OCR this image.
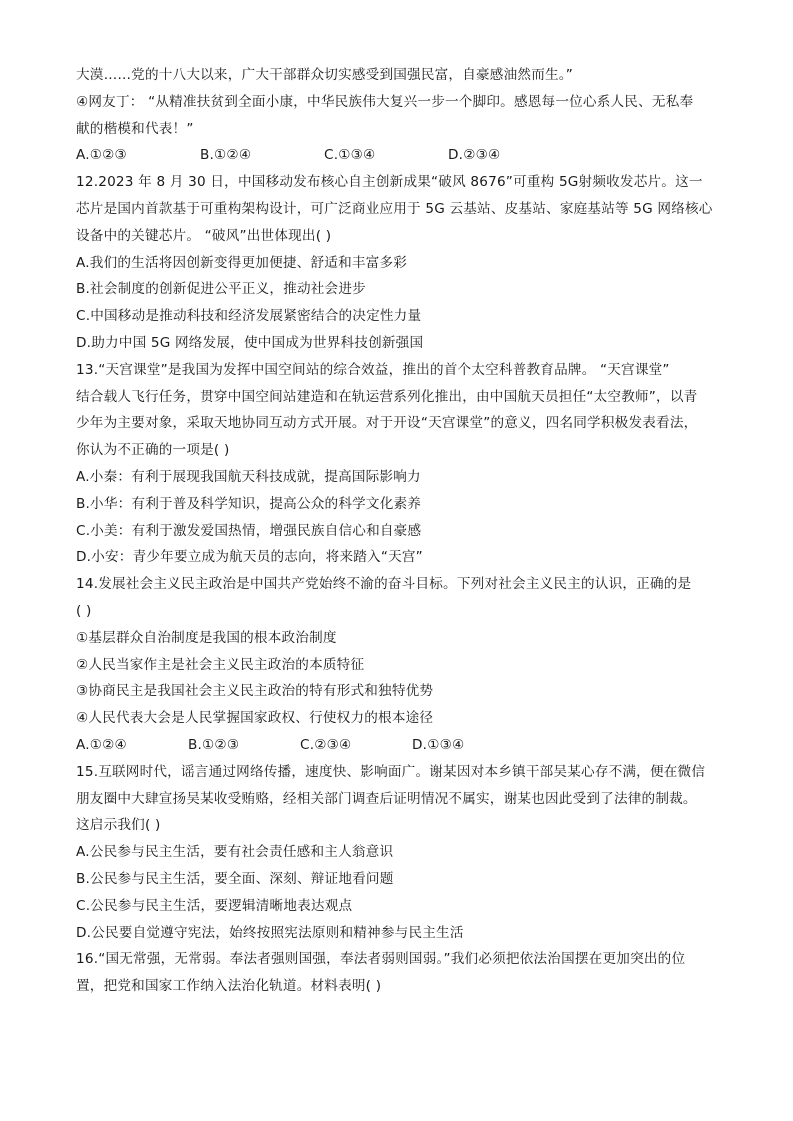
大漠……党的十八大以来，广大干部群众切实感受到国强民富，自豪感油然而生。”
④网友丁： “从精准扶贫到全面小康，中华民族伟大复兴一步一个脚印。感恩每一位心系人民、无私奉
献的楷模和代表！”
A.①②③	B.①②④	C.①③④	D.②③④
12.2023 年 8 月 30 日，中国移动发布核心自主创新成果“破风 8676”可重构 5G射频收发芯片。这一
芯片是国内首款基于可重构架构设计，可广泛商业应用于 5G 云基站、皮基站、家庭基站等 5G 网络核心
设备中的关键芯片。 “破风”出世体现出( )
A.我们的生活将因创新变得更加便捷、舒适和丰富多彩
B.社会制度的创新促进公平正义，推动社会进步
C.中国移动是推动科技和经济发展紧密结合的决定性力量
D.助力中国 5G 网络发展，使中国成为世界科技创新强国
13.“天宫课堂”是我国为发挥中国空间站的综合效益，推出的首个太空科普教育品牌。 “天宫课堂”
结合载人飞行任务，贯穿中国空间站建造和在轨运营系列化推出，由中国航天员担任“太空教师”，以青
少年为主要对象，采取天地协同互动方式开展。对于开设“天宫课堂”的意义，四名同学积极发表看法，
你认为不正确的一项是( )
A.小秦：有利于展现我国航天科技成就，提高国际影响力
B.小华：有利于普及科学知识，提高公众的科学文化素养
C.小美：有利于激发爱国热情，增强民族自信心和自豪感
D.小安：青少年要立成为航天员的志向，将来踏入“天宫”
14.发展社会主义民主政治是中国共产党始终不渝的奋斗目标。下列对社会主义民主的认识，正确的是
( )
①基层群众自治制度是我国的根本政治制度
②人民当家作主是社会主义民主政治的本质特征
③协商民主是我国社会主义民主政治的特有形式和独特优势
④人民代表大会是人民掌握国家政权、行使权力的根本途径
A.①②④	B.①②③	C.②③④	D.①③④
15.互联网时代，谣言通过网络传播，速度快、影响面广。谢某因对本乡镇干部吴某心存不满，便在微信
朋友圈中大肆宣扬吴某收受贿赂，经相关部门调查后证明情况不属实，谢某也因此受到了法律的制裁。
这启示我们( )
A.公民参与民主生活，要有社会责任感和主人翁意识
B.公民参与民主生活，要全面、深刻、辩证地看问题
C.公民参与民主生活，要逻辑清晰地表达观点
D.公民要自觉遵守宪法，始终按照宪法原则和精神参与民主生活
16.“国无常强，无常弱。奉法者强则国强，奉法者弱则国弱。”我们必须把依法治国摆在更加突出的位
置，把党和国家工作纳入法治化轨道。材料表明( )
